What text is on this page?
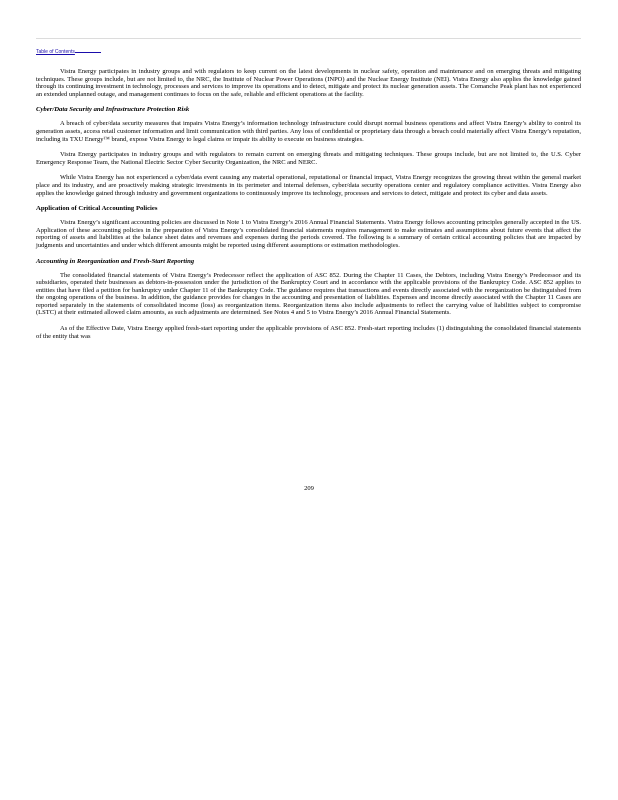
Table of Contents

Vistra Energy participates in industry groups and with regulators to keep current on the latest developments in nuclear safety, operation and maintenance and on emerging threats and mitigating techniques. These groups include, but are not limited to, the NRC, the Institute of Nuclear Power Operations (INPO) and the Nuclear Energy Institute (NEI). Vistra Energy also applies the knowledge gained through its continuing investment in technology, processes and services to improve its operations and to detect, mitigate and protect its nuclear generation assets. The Comanche Peak plant has not experienced an extended unplanned outage, and management continues to focus on the safe, reliable and efficient operations at the facility.

Cyber/Data Security and Infrastructure Protection Risk

A breach of cyber/data security measures that impairs Vistra Energy’s information technology infrastructure could disrupt normal business operations and affect Vistra Energy’s ability to control its generation assets, access retail customer information and limit communication with third parties. Any loss of confidential or proprietary data through a breach could materially affect Vistra Energy’s reputation, including its TXU Energy™ brand, expose Vistra Energy to legal claims or impair its ability to execute on business strategies.

Vistra Energy participates in industry groups and with regulators to remain current on emerging threats and mitigating techniques. These groups include, but are not limited to, the U.S. Cyber Emergency Response Team, the National Electric Sector Cyber Security Organization, the NRC and NERC.

While Vistra Energy has not experienced a cyber/data event causing any material operational, reputational or financial impact, Vistra Energy recognizes the growing threat within the general market place and its industry, and are proactively making strategic investments in its perimeter and internal defenses, cyber/data security operations center and regulatory compliance activities. Vistra Energy also applies the knowledge gained through industry and government organizations to continuously improve its technology, processes and services to detect, mitigate and protect its cyber and data assets.

Application of Critical Accounting Policies

Vistra Energy’s significant accounting policies are discussed in Note 1 to Vistra Energy’s 2016 Annual Financial Statements. Vistra Energy follows accounting principles generally accepted in the US. Application of these accounting policies in the preparation of Vistra Energy’s consolidated financial statements requires management to make estimates and assumptions about future events that affect the reporting of assets and liabilities at the balance sheet dates and revenues and expenses during the periods covered. The following is a summary of certain critical accounting policies that are impacted by judgments and uncertainties and under which different amounts might be reported using different assumptions or estimation methodologies.

Accounting in Reorganization and Fresh-Start Reporting

The consolidated financial statements of Vistra Energy’s Predecessor reflect the application of ASC 852. During the Chapter 11 Cases, the Debtors, including Vistra Energy’s Predecessor and its subsidiaries, operated their businesses as debtors-in-possession under the jurisdiction of the Bankruptcy Court and in accordance with the applicable provisions of the Bankruptcy Code. ASC 852 applies to entities that have filed a petition for bankruptcy under Chapter 11 of the Bankruptcy Code. The guidance requires that transactions and events directly associated with the reorganization be distinguished from the ongoing operations of the business. In addition, the guidance provides for changes in the accounting and presentation of liabilities. Expenses and income directly associated with the Chapter 11 Cases are reported separately in the statements of consolidated income (loss) as reorganization items. Reorganization items also include adjustments to reflect the carrying value of liabilities subject to compromise (LSTC) at their estimated allowed claim amounts, as such adjustments are determined. See Notes 4 and 5 to Vistra Energy’s 2016 Annual Financial Statements.

As of the Effective Date, Vistra Energy applied fresh-start reporting under the applicable provisions of ASC 852. Fresh-start reporting includes (1) distinguishing the consolidated financial statements of the entity that was

209
